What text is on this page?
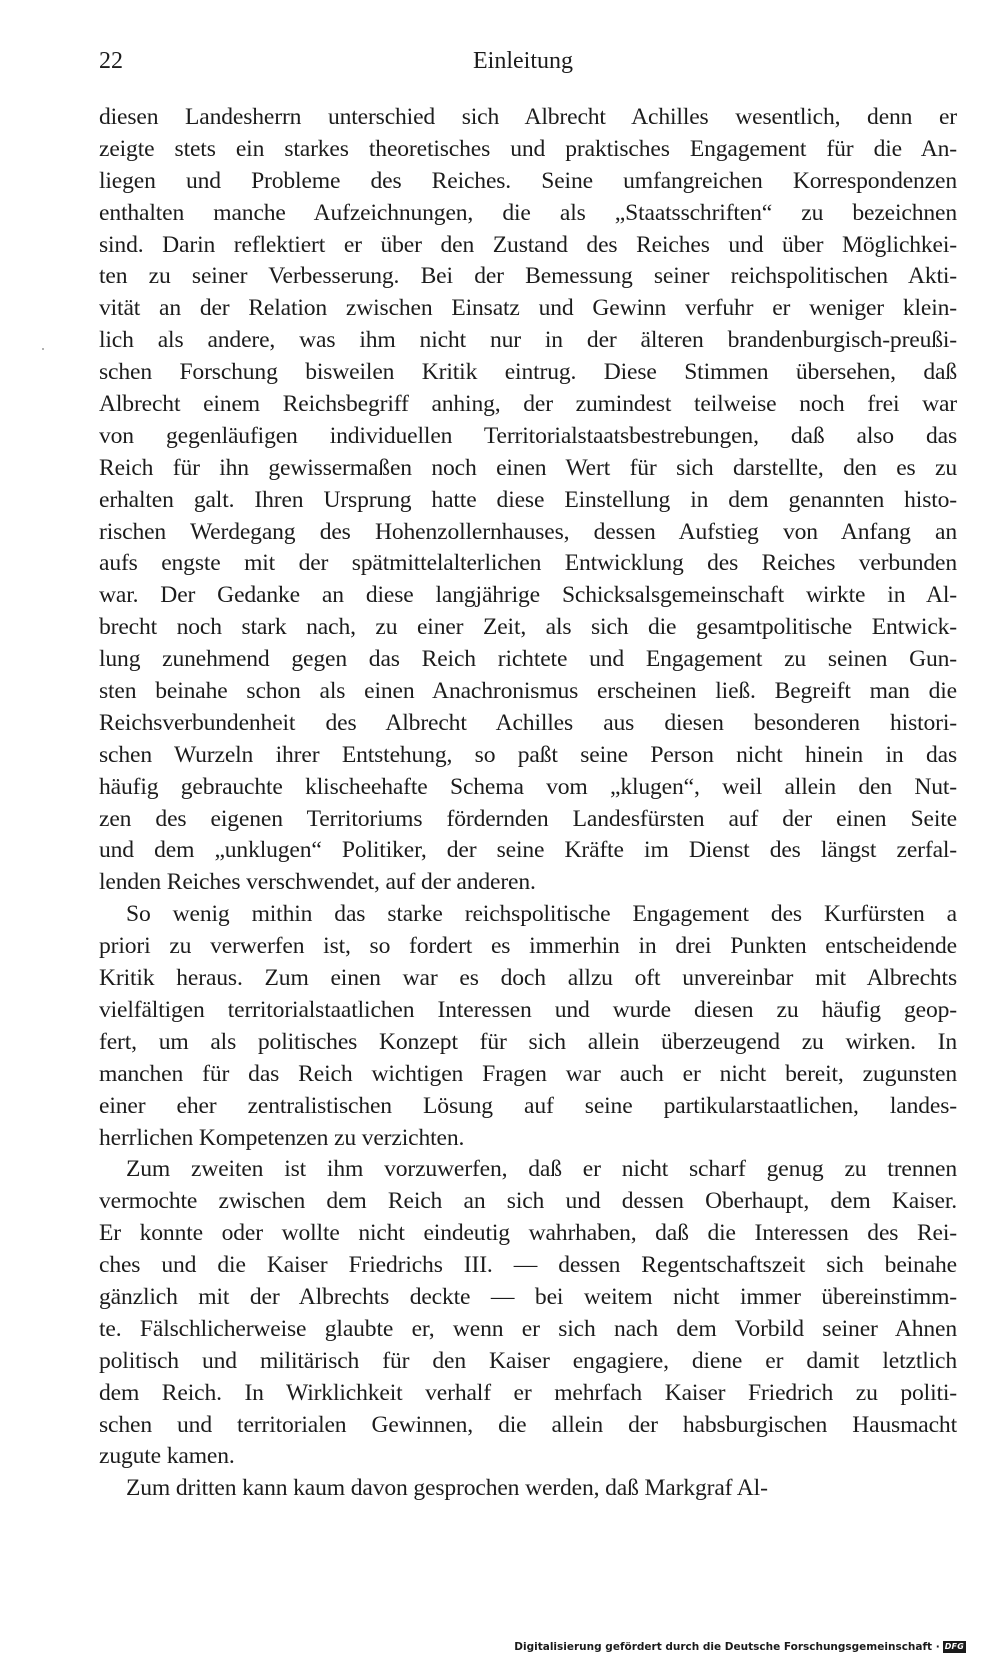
22	Einleitung
diesen Landesherrn unterschied sich Albrecht Achilles wesentlich, denn er
zeigte stets ein starkes theoretisches und praktisches Engagement für die An-
liegen und Probleme des Reiches. Seine umfangreichen Korrespondenzen
enthalten manche Aufzeichnungen, die als „Staatsschriften“ zu bezeichnen
sind. Darin reflektiert er über den Zustand des Reiches und über Möglichkei-
ten zu seiner Verbesserung. Bei der Bemessung seiner reichspolitischen Akti-
vität an der Relation zwischen Einsatz und Gewinn verfuhr er weniger klein-
lich als andere, was ihm nicht nur in der älteren brandenburgisch-preußi-
schen Forschung bisweilen Kritik eintrug. Diese Stimmen übersehen, daß
Albrecht einem Reichsbegriff anhing, der zumindest teilweise noch frei war
von gegenläufigen individuellen Territorialstaatsbestrebungen, daß also das
Reich für ihn gewissermaßen noch einen Wert für sich darstellte, den es zu
erhalten galt. Ihren Ursprung hatte diese Einstellung in dem genannten histo-
rischen Werdegang des Hohenzollernhauses, dessen Aufstieg von Anfang an
aufs engste mit der spätmittelalterlichen Entwicklung des Reiches verbunden
war. Der Gedanke an diese langjährige Schicksalsgemeinschaft wirkte in Al-
brecht noch stark nach, zu einer Zeit, als sich die gesamtpolitische Entwick-
lung zunehmend gegen das Reich richtete und Engagement zu seinen Gun-
sten beinahe schon als einen Anachronismus erscheinen ließ. Begreift man die
Reichsverbundenheit des Albrecht Achilles aus diesen besonderen histori-
schen Wurzeln ihrer Entstehung, so paßt seine Person nicht hinein in das
häufig gebrauchte klischeehafte Schema vom „klugen“, weil allein den Nut-
zen des eigenen Territoriums fördernden Landesfürsten auf der einen Seite
und dem „unklugen“ Politiker, der seine Kräfte im Dienst des längst zerfal-
lenden Reiches verschwendet, auf der anderen.
So wenig mithin das starke reichspolitische Engagement des Kurfürsten a
priori zu verwerfen ist, so fordert es immerhin in drei Punkten entscheidende
Kritik heraus. Zum einen war es doch allzu oft unvereinbar mit Albrechts
vielfältigen territorialstaatlichen Interessen und wurde diesen zu häufig geop-
fert, um als politisches Konzept für sich allein überzeugend zu wirken. In
manchen für das Reich wichtigen Fragen war auch er nicht bereit, zugunsten
einer eher zentralistischen Lösung auf seine partikularstaatlichen, landes-
herrlichen Kompetenzen zu verzichten.
Zum zweiten ist ihm vorzuwerfen, daß er nicht scharf genug zu trennen
vermochte zwischen dem Reich an sich und dessen Oberhaupt, dem Kaiser.
Er konnte oder wollte nicht eindeutig wahrhaben, daß die Interessen des Rei-
ches und die Kaiser Friedrichs III. — dessen Regentschaftszeit sich beinahe
gänzlich mit der Albrechts deckte — bei weitem nicht immer übereinstimm-
te. Fälschlicherweise glaubte er, wenn er sich nach dem Vorbild seiner Ahnen
politisch und militärisch für den Kaiser engagiere, diene er damit letztlich
dem Reich. In Wirklichkeit verhalf er mehrfach Kaiser Friedrich zu politi-
schen und territorialen Gewinnen, die allein der habsburgischen Hausmacht
zugute kamen.
Zum dritten kann kaum davon gesprochen werden, daß Markgraf Al-
Digitalisierung gefördert durch die Deutsche Forschungsgemeinschaft · DFG
